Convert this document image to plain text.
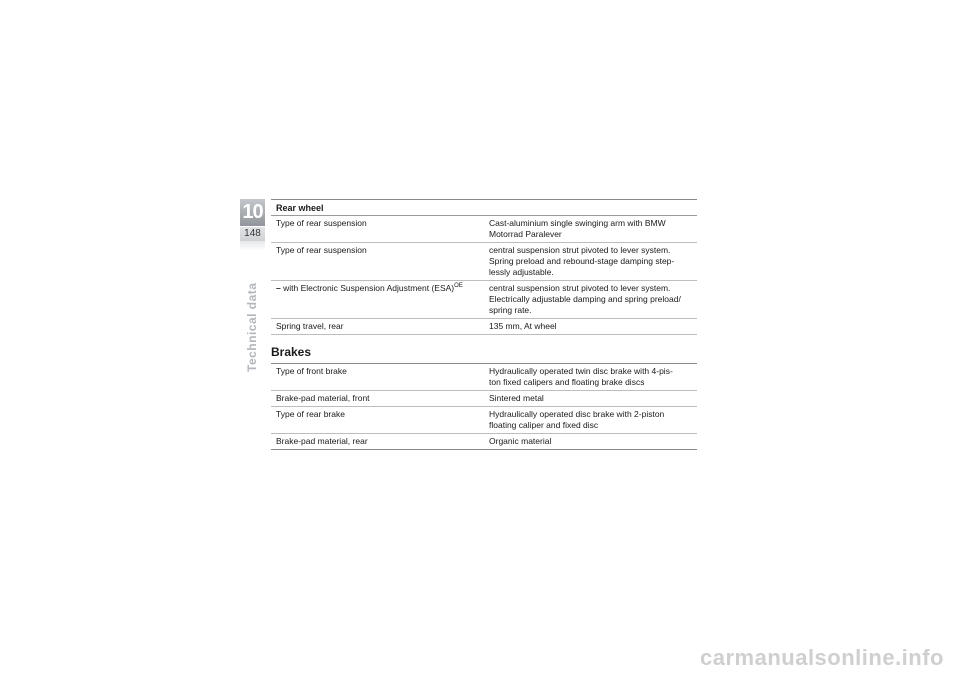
10
148
Technical data
Rear wheel
Type of rear suspension	Cast-aluminium single swinging arm with BMW
Motorrad Paralever
Type of rear suspension	central suspension strut pivoted to lever system.
Spring preload and rebound-stage damping step-
lessly adjustable.
– with Electronic Suspension Adjustment (ESA)$^{OE}$	central suspension strut pivoted to lever system.
Electrically adjustable damping and spring preload/
spring rate.
Spring travel, rear	135 mm, At wheel
Brakes
Type of front brake	Hydraulically operated twin disc brake with 4-pis-
ton fixed calipers and floating brake discs
Brake-pad material, front	Sintered metal
Type of rear brake	Hydraulically operated disc brake with 2-piston
floating caliper and fixed disc
Brake-pad material, rear	Organic material
carmanualsonline.info
